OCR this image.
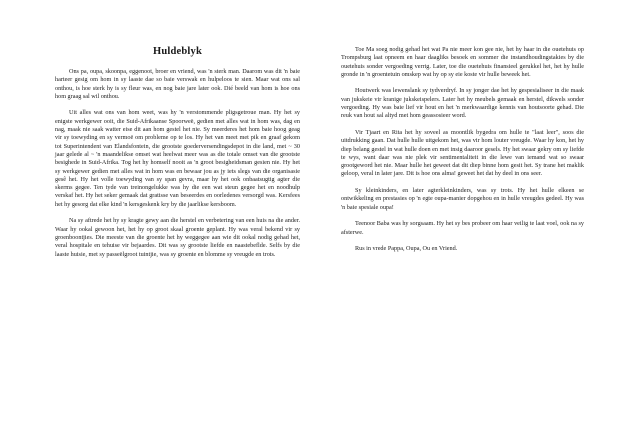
Huldeblyk

Ons pa, oupa, skoonpa, eggenoot, broer en vriend, was 'n sterk man. Daarom was dit 'n baie harteer gesig om hom in sy laaste dae so baie verswak en hulpeloos te sien. Maar wat ons sal onthou, is hoe sterk hy is sy fleur was, en nog baie jare later ook. Dié beeld van hom is hoe ons hom graag sal wil onthou.

Uit alles wat ons van hom weet, was hy 'n verstommende pligsgetroue man. Hy het sy enigste werkgewer ooit, die Suid-Afrikaanse Spoorweë, gedien met alles wat in hom was, dag en nag, maak nie saak watter eise dit aan hom gestel het nie. Sy meerderes het hom baie hoog geag vir sy toewyding en sy vermoë om probleme op te los. Hy het van meet met pik en graaf gekom tot Superintendent van Elandsfontein, die grootste goederversendingsdepot in die land, met ~ 30 jaar gelede al ~ 'n maandelikse omset wat heelwat meer was as die totale omset van die grootste besighede in Suid-Afrika. Tog het hy homself nooit as 'n groot besigheidsman gesien nie. Hy het sy werkgewer gedien met alles wat in hom was en bewaar jou as jy iets slegs van die organisasie gesê het. Hy het volle toewyding van sy span gevra, maar hy het ook onbaatsugtig agter die skerms gegee. Ten tyde van treinongelukke was hy die een wat steun gegee het en noodhulp verskaf het. Hy het seker gemaak dat gratisse van beseerdes en oorledenes versorgd was. Kersfees het hy gesorg dat elke kind 'n kersgeskenk kry by die jaarlikse kersboom.

Na sy aftrede het hy sy kragte gewy aan die herstel en verbetering van een huis na die ander. Waar hy ookal gewoon het, het hy op groot skaal groente geplant. Hy was veral bekend vir sy groenboontjies. Die meeste van die groente het hy weggegee aan wie dit ookal nodig gehad het, veral hospitale en tehuise vir bejaardes. Dit was sy grootste liefde en naastebeflde. Selfs by die laaste huisie, met sy passeëlgroot tuintjie, was sy groente en blomme sy vreugde en trots.

Toe Ma soeg nodig gehad het wat Pa nie meer kon gee nie, het hy haar in die ouetehuis op Trompsburg laat opneem en haar daagliks besoek en sommer die instandhoudingstakies by die ouetehuis sonder vergoeding verrig. Later, toe die ouetehuis finansieel gerukkel het, het hy hulle gronde in 'n groentetuin omskep wat hy op sy eie koste vir hulle beweek het.

Houtwerk was lewenslank sy tydverdryf. In sy jonger dae het hy gespesialiseer in die maak van jukskeie vir kranige jukskeispelers. Later het hy meubels gemaak en herstel, dikwels sonder vergoeding. Hy was baie lief vir hout en het 'n merkwaardige kennis van houtsoorte gehad. Die reuk van hout sal altyd met hom geassosieer word.

Vir Tjaart en Rita het hy soveel as moontlik bygedra om hulle te "laat leer", soos die uitdrukking gaan. Dat hulle hulle uitgekom het, was vir hom louter vreugde. Waar hy kon, het hy diep belang gestel in wat hulle doen en met insig daaroor gesels. Hy het swaar gekry om sy liefde te wys, want daar was nie plek vir sentimentaliteit in die lewe van iemand wat so swaar grootgeword het nie. Maar hulle het geweet dat dit diep binne hom gesit het. Sy trane het maklik geloop, veral in later jare. Dit is hoe ons alma! geweet het dat hy deel in ons seer.

Sy kleinkinders, en later agterkleinkinders, was sy trots. Hy het hulle elkeen se ontwikkeling en prestasies op 'n egte oupa-manier dopgehou en in hulle vreugdes gedeel. Hy was 'n baie spesiale oupa!

Teenoor Baba was hy sorgsaam. Hy het sy bes probeer om haar veilig te laat voel, ook na sy afsterwe.

Rus in vrede Pappa, Oupa, Ou en Vriend.
